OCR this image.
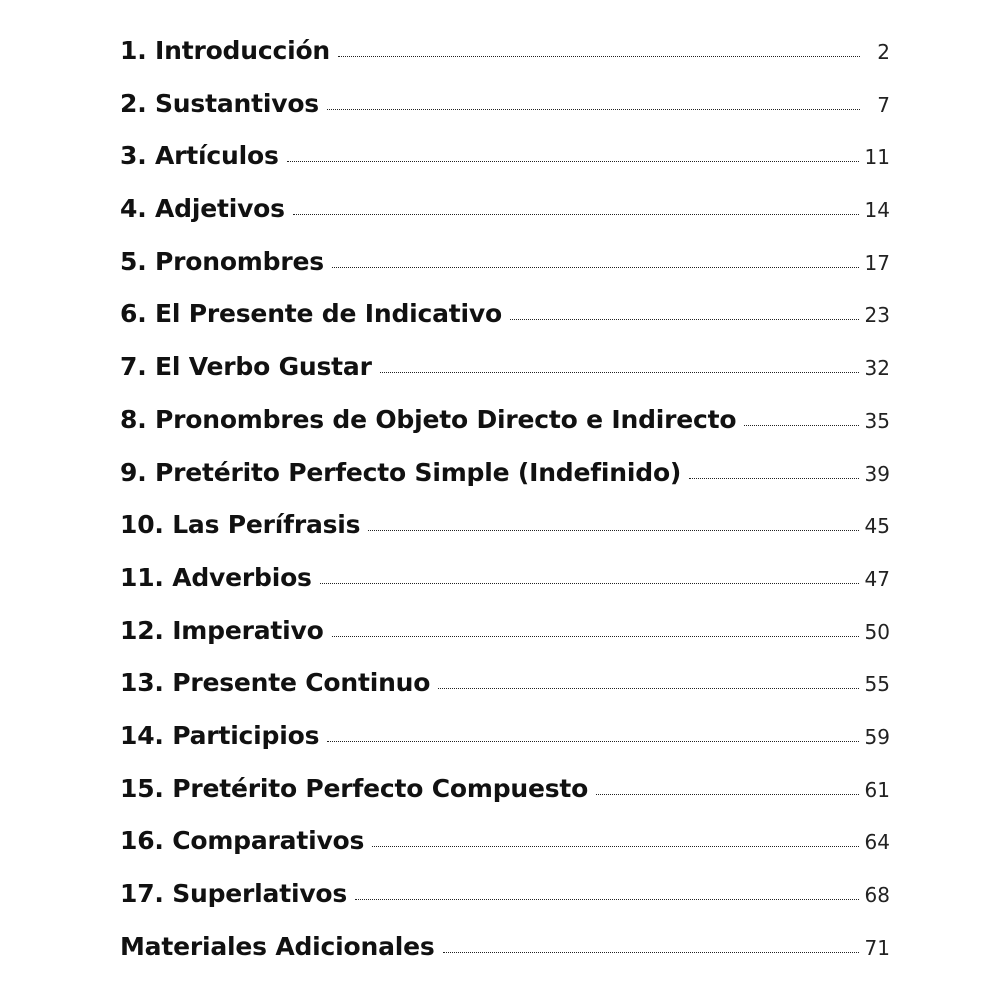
1. Introducción	2
2. Sustantivos	7
3. Artículos	11
4. Adjetivos	14
5. Pronombres	17
6. El Presente de Indicativo	23
7. El Verbo Gustar	32
8. Pronombres de Objeto Directo e Indirecto	35
9. Pretérito Perfecto Simple (Indefinido)	39
10. Las Perífrasis	45
11. Adverbios	47
12. Imperativo	50
13. Presente Continuo	55
14. Participios	59
15. Pretérito Perfecto Compuesto	61
16. Comparativos	64
17. Superlativos	68
Materiales Adicionales	71
